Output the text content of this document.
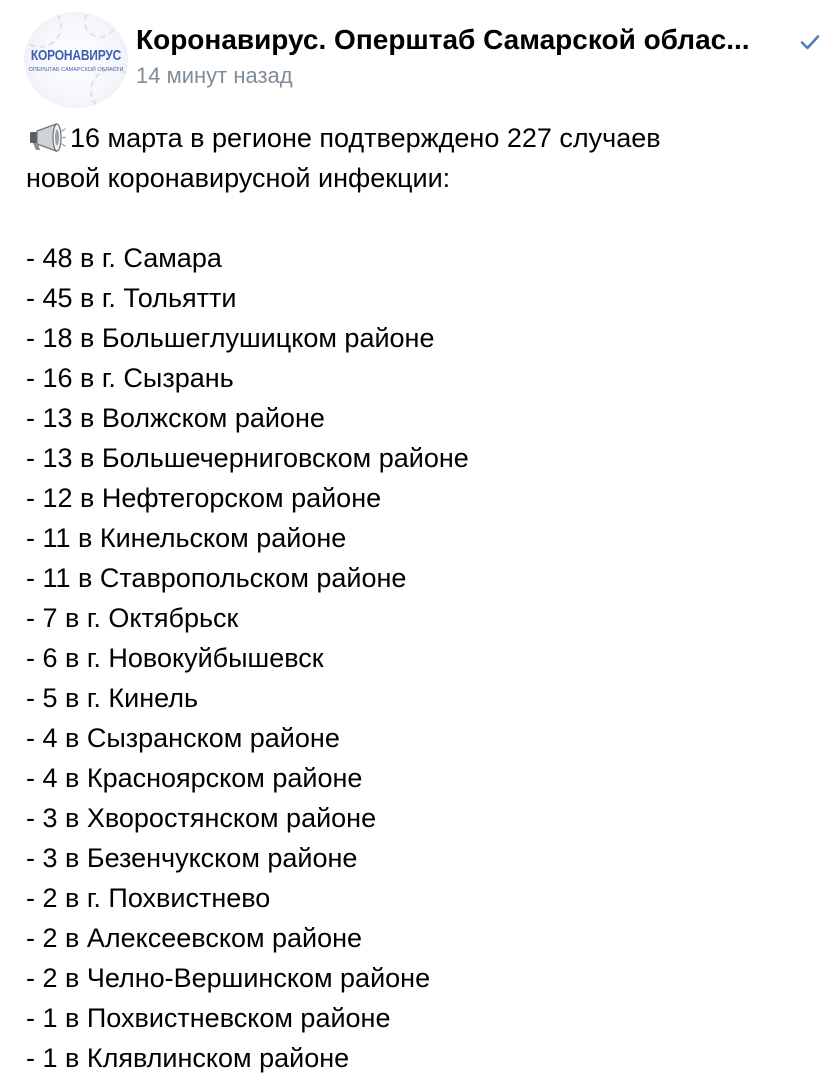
КОРОНАВИРУС
ОПЕРШТАБ САМАРСКОЙ ОБЛАСТИ
Коронавирус. Оперштаб Самарской облас...
14 минут назад
16 марта в регионе подтверждено 227 случаев
новой коронавирусной инфекции:
- 48 в г. Самара
- 45 в г. Тольятти
- 18 в Большеглушицком районе
- 16 в г. Сызрань
- 13 в Волжском районе
- 13 в Большечерниговском районе
- 12 в Нефтегорском районе
- 11 в Кинельском районе
- 11 в Ставропольском районе
- 7 в г. Октябрьск
- 6 в г. Новокуйбышевск
- 5 в г. Кинель
- 4 в Сызранском районе
- 4 в Красноярском районе
- 3 в Хворостянском районе
- 3 в Безенчукском районе
- 2 в г. Похвистнево
- 2 в Алексеевском районе
- 2 в Челно-Вершинском районе
- 1 в Похвистневском районе
- 1 в Клявлинском районе
